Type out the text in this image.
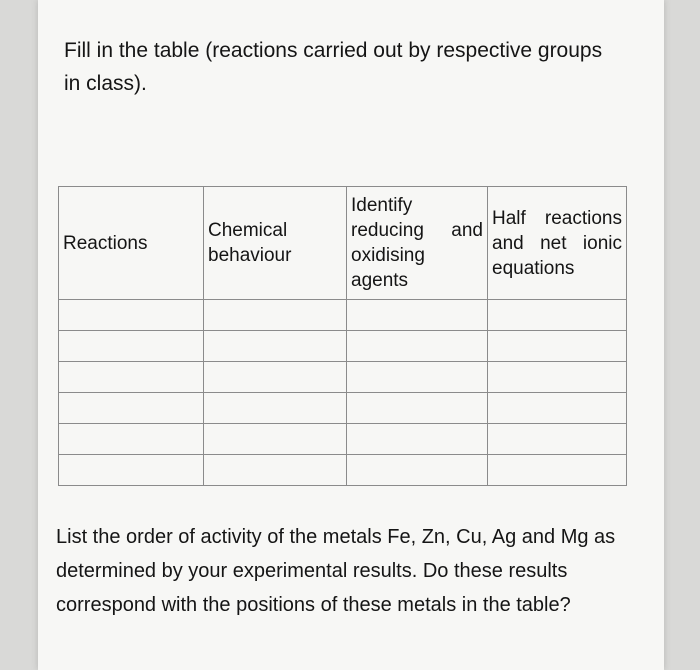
Fill in the table (reactions carried out by respective groups in class).
Reactions	Chemical behaviour	Identify reducing and oxidising agents	Half reactions and net ionic equations

List the order of activity of the metals Fe, Zn, Cu, Ag and Mg as determined by your experimental results. Do these results correspond with the positions of these metals in the table?
